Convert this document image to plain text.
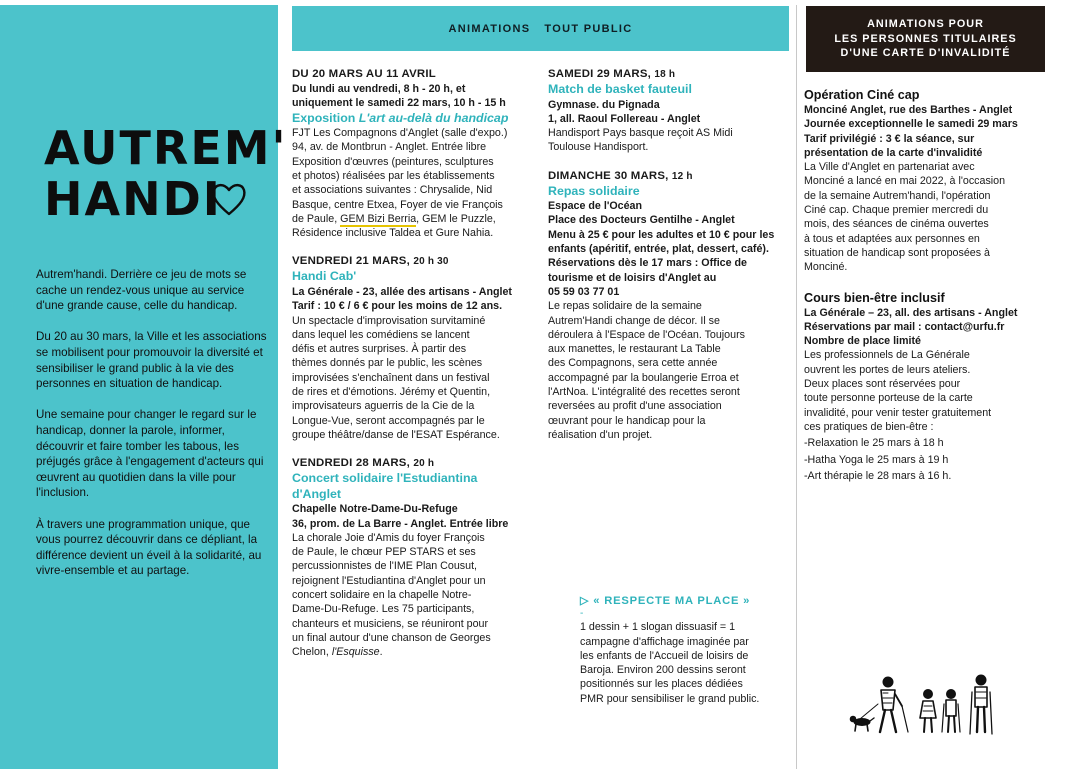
AUTREM'
HANDI

Autrem'handi. Derrière ce jeu de mots se cache un rendez-vous unique au service d'une grande cause, celle du handicap.

Du 20 au 30 mars, la Ville et les associations se mobilisent pour promouvoir la diversité et sensibiliser le grand public à la vie des personnes en situation de handicap.

Une semaine pour changer le regard sur le handicap, donner la parole, informer, découvrir et faire tomber les tabous, les préjugés grâce à l'engagement d'acteurs qui œuvrent au quotidien dans la ville pour l'inclusion.

À travers une programmation unique, que vous pourrez découvrir dans ce dépliant, la différence devient un éveil à la solidarité, au vivre-ensemble et au partage.

ANIMATIONS TOUT PUBLIC	ANIMATIONS POUR
LES PERSONNES TITULAIRES
D'UNE CARTE D'INVALIDITÉ
DU 20 MARS AU 11 AVRIL
Du lundi au vendredi, 8 h - 20 h, et
uniquement le samedi 22 mars, 10 h - 15 h
Exposition L'art au-delà du handicap
FJT Les Compagnons d'Anglet (salle d'expo.)
94, av. de Montbrun - Anglet. Entrée libre
Exposition d'œuvres (peintures, sculptures
et photos) réalisées par les établissements
et associations suivantes : Chrysalide, Nid
Basque, centre Etxea, Foyer de vie François
de Paule, GEM Bizi Berria, GEM le Puzzle,
Résidence inclusive Taldea et Gure Nahia.
VENDREDI 21 MARS, 20 h 30
Handi Cab'
La Générale - 23, allée des artisans - Anglet
Tarif : 10 € / 6 € pour les moins de 12 ans.
Un spectacle d'improvisation survitaminé
dans lequel les comédiens se lancent
défis et autres surprises. À partir des
thèmes donnés par le public, les scènes
improvisées s'enchaînent dans un festival
de rires et d'émotions. Jérémy et Quentin,
improvisateurs aguerris de la Cie de la
Longue-Vue, seront accompagnés par le
groupe théâtre/danse de l'ESAT Espérance.
VENDREDI 28 MARS, 20 h
Concert solidaire l'Estudiantina
d'Anglet
Chapelle Notre-Dame-Du-Refuge
36, prom. de La Barre - Anglet. Entrée libre
La chorale Joie d'Amis du foyer François
de Paule, le chœur PEP STARS et ses
percussionnistes de l'IME Plan Cousut,
rejoignent l'Estudiantina d'Anglet pour un
concert solidaire en la chapelle Notre-
Dame-Du-Refuge. Les 75 participants,
chanteurs et musiciens, se réuniront pour
un final autour d'une chanson de Georges
Chelon, l'Esquisse.
SAMEDI 29 MARS, 18 h
Match de basket fauteuil
Gymnase. du Pignada
1, all. Raoul Follereau - Anglet
Handisport Pays basque reçoit AS Midi
Toulouse Handisport.
DIMANCHE 30 MARS, 12 h
Repas solidaire
Espace de l'Océan
Place des Docteurs Gentilhe - Anglet
Menu à 25 € pour les adultes et 10 € pour les
enfants (apéritif, entrée, plat, dessert, café).
Réservations dès le 17 mars : Office de
tourisme et de loisirs d'Anglet au
05 59 03 77 01
Le repas solidaire de la semaine
Autrem'Handi change de décor. Il se
déroulera à l'Espace de l'Océan. Toujours
aux manettes, le restaurant La Table
des Compagnons, sera cette année
accompagné par la boulangerie Erroa et
l'ArtNoa. L'intégralité des recettes seront
reversées au profit d'une association
œuvrant pour le handicap pour la
réalisation d'un projet.
▷ « RESPECTE MA PLACE »
-
1 dessin + 1 slogan dissuasif = 1
campagne d'affichage imaginée par
les enfants de l'Accueil de loisirs de
Baroja. Environ 200 dessins seront
positionnés sur les places dédiées
PMR pour sensibiliser le grand public.
Opération Ciné cap
Monciné Anglet, rue des Barthes - Anglet
Journée exceptionnelle le samedi 29 mars
Tarif privilégié : 3 € la séance, sur
présentation de la carte d'invalidité
La Ville d'Anglet en partenariat avec
Monciné a lancé en mai 2022, à l'occasion
de la semaine Autrem'handi, l'opération
Ciné cap. Chaque premier mercredi du
mois, des séances de cinéma ouvertes
à tous et adaptées aux personnes en
situation de handicap sont proposées à
Monciné.
Cours bien-être inclusif
La Générale – 23, all. des artisans - Anglet
Réservations par mail : contact@urfu.fr
Nombre de place limité
Les professionnels de La Générale
ouvrent les portes de leurs ateliers.
Deux places sont réservées pour
toute personne porteuse de la carte
invalidité, pour venir tester gratuitement
ces pratiques de bien-être :
-Relaxation le 25 mars à 18 h
-Hatha Yoga le 25 mars à 19 h
-Art thérapie le 28 mars à 16 h.
